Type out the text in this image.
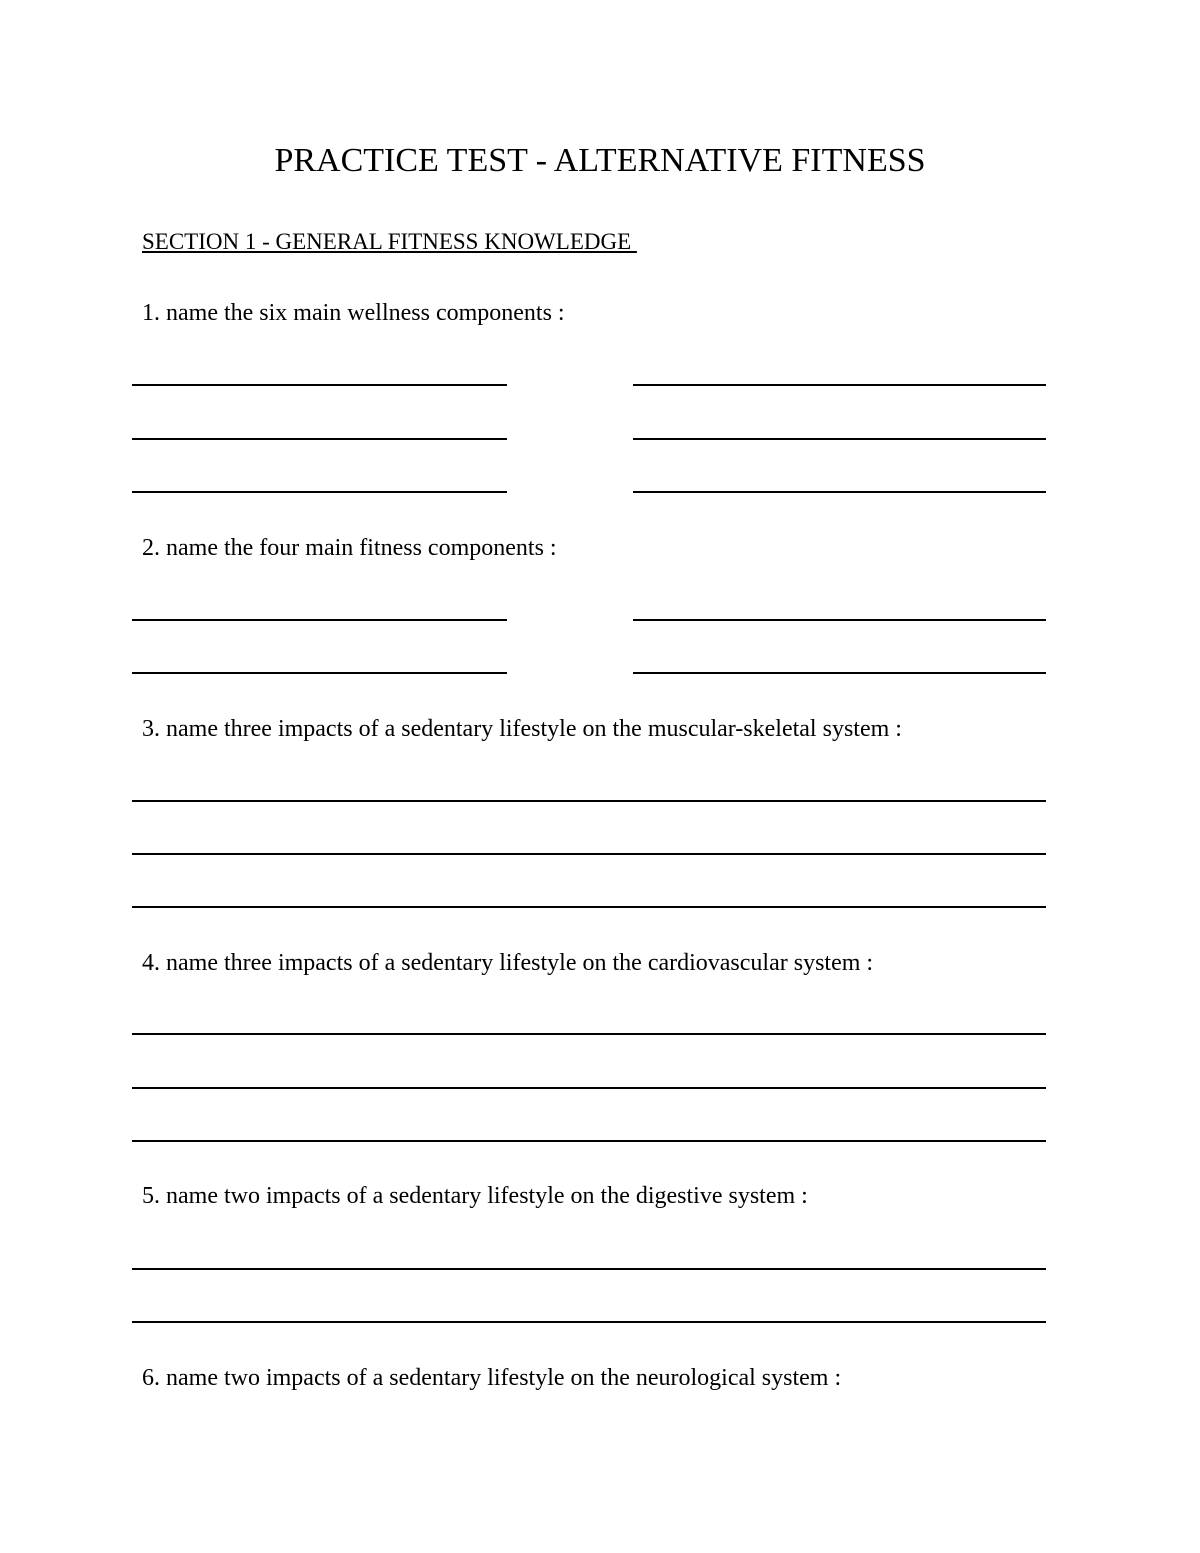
PRACTICE TEST - ALTERNATIVE FITNESS
SECTION 1 - GENERAL FITNESS KNOWLEDGE
1. name the six main wellness components :
2. name the four main fitness components :
3. name three impacts of a sedentary lifestyle on the muscular-skeletal system :
4. name three impacts of a sedentary lifestyle on the cardiovascular system :
5. name two impacts of a sedentary lifestyle on the digestive system :
6. name two impacts of a sedentary lifestyle on the neurological system :
